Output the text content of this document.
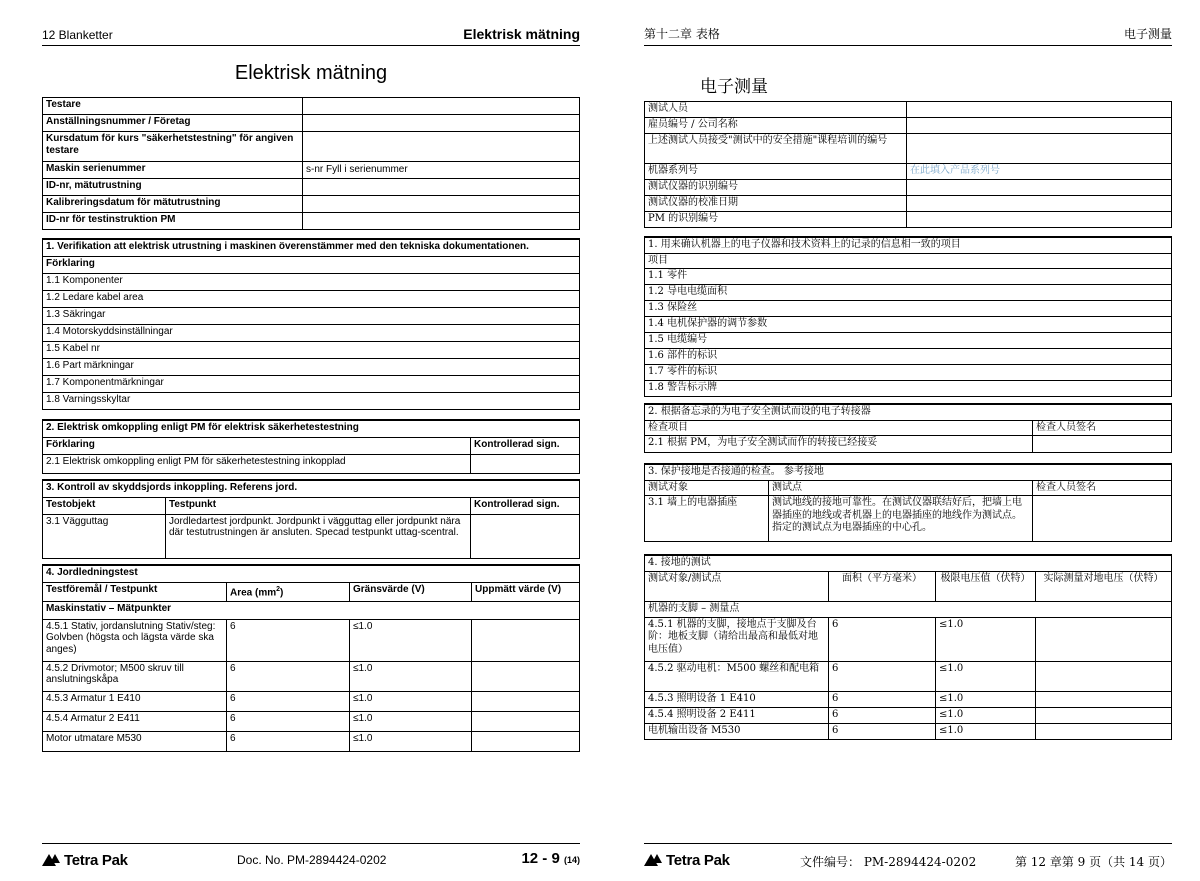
12 Blanketter	Elektrisk mätning
Elektrisk mätning
Testare	
Anställningsnummer / Företag	
Kursdatum för kurs "säkerhetstestning" för angiven testare	
Maskin serienummer	s-nr Fyll i serienummer
ID-nr, mätutrustning	
Kalibreringsdatum för mätutrustning	
ID-nr för testinstruktion PM	
1. Verifikation att elektrisk utrustning i maskinen överenstämmer med den tekniska dokumentationen.
Förklaring
1.1 Komponenter
1.2 Ledare kabel area
1.3 Säkringar
1.4 Motorskyddsinställningar
1.5 Kabel nr
1.6 Part märkningar
1.7 Komponentmärkningar
1.8 Varningsskyltar
2. Elektrisk omkoppling enligt PM för elektrisk säkerhetestestning	
Förklaring	Kontrollerad sign.
2.1 Elektrisk omkoppling enligt PM för säkerhetestestning inkopplad	
3. Kontroll av skyddsjords inkoppling. Referens jord.		
Testobjekt	Testpunkt	Kontrollerad sign.
3.1 Vägguttag	Jordledartest jordpunkt. Jordpunkt i vägguttag eller jordpunkt nära där testutrustningen är ansluten. Specad testpunkt uttag-scentral.	
4. Jordledningstest			
Testföremål / Testpunkt	Area $(mm^2)$	Gränsvärde (V)	Uppmätt värde (V)
Maskinstativ – Mätpunkter			
4.5.1 Stativ, jordanslutning Stativ/steg: Golvben (högsta och lägsta värde ska anges)	6	≤1.0	
4.5.2 Drivmotor; M500 skruv till anslutningskåpa	6	≤1.0	
4.5.3 Armatur 1 E410	6	≤1.0	
4.5.4 Armatur 2 E411	6	≤1.0	
Motor utmatare M530	6	≤1.0	
Tetra Pak	Doc. No. PM-2894424-0202	12 - 9 (14)
第十二章 表格	电子测量
电子测量
测试人员	
雇员编号 / 公司名称	
上述测试人员接受"测试中的安全措施"课程培训的编号	
机器系列号	在此填入产品系列号
测试仪器的识别编号	
测试仪器的校准日期	
PM 的识别编号	
1. 用来确认机器上的电子仪器和技术资料上的记录的信息相一致的项目
项目
1.1 零件
1.2 导电电缆面积
1.3 保险丝
1.4 电机保护器的调节参数
1.5 电缆编号
1.6 部件的标识
1.7 零件的标识
1.8 警告标示牌
2. 根据备忘录的为电子安全测试而设的电子转接器	
检查项目	检查人员签名
2.1 根据 PM，为电子安全测试而作的转接已经接妥	
3. 保护接地是否接通的检查。 参考接地		
测试对象	测试点	检查人员签名
3.1 墙上的电器插座	测试地线的接地可靠性。在测试仪器联结好后，把墙上电器插座的地线或者机器上的电器插座的地线作为测试点。指定的测试点为电器插座的中心孔。	
4. 接地的测试			
测试对象/测试点	面积（平方毫米）	极限电压值（伏特）	实际测量对地电压（伏特）
机器的支脚 – 测量点			
4.5.1 机器的支脚，接地点于支脚及台阶：地板支脚（请给出最高和最低对地电压值）	6	≤1.0	
4.5.2 驱动电机：M500 螺丝和配电箱	6	≤1.0	
4.5.3 照明设备 1 E410	6	≤1.0	
4.5.4 照明设备 2 E411	6	≤1.0	
电机输出设备 M530	6	≤1.0	
Tetra Pak	文件编号： PM-2894424-0202	第 12 章第 9 页（共 14 页）
